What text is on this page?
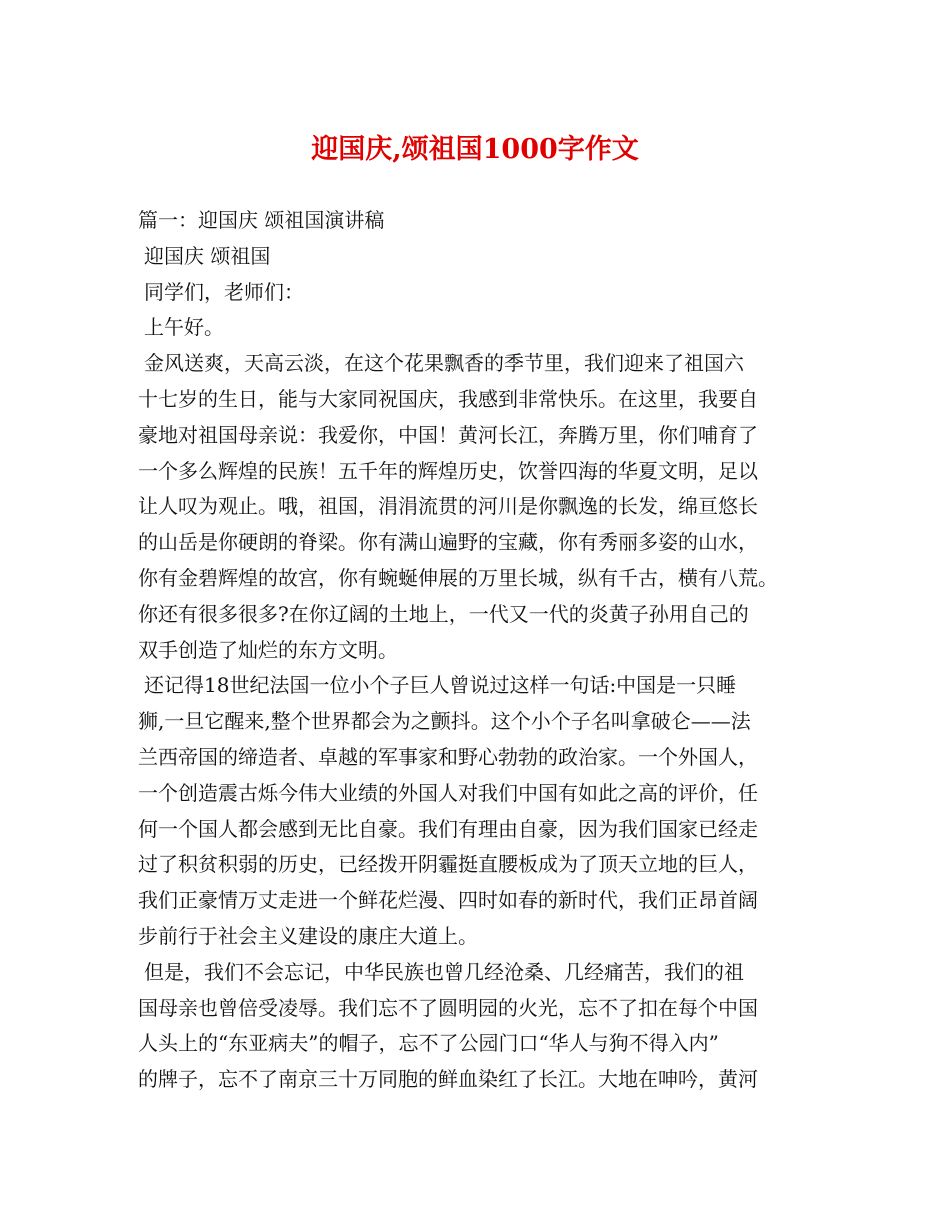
迎国庆,颂祖国1000字作文

篇一：迎国庆 颂祖国演讲稿

迎国庆 颂祖国

同学们，老师们：

上午好。

金风送爽，天高云淡，在这个花果飘香的季节里，我们迎来了祖国六

十七岁的生日，能与大家同祝国庆，我感到非常快乐。在这里，我要自

豪地对祖国母亲说：我爱你，中国！黄河长江，奔腾万里，你们哺育了

一个多么辉煌的民族！五千年的辉煌历史，饮誉四海的华夏文明，足以

让人叹为观止。哦，祖国，涓涓流贯的河川是你飘逸的长发，绵亘悠长

的山岳是你硬朗的脊梁。你有满山遍野的宝藏，你有秀丽多姿的山水，

你有金碧辉煌的故宫，你有蜿蜒伸展的万里长城，纵有千古，横有八荒。

你还有很多很多?在你辽阔的土地上，一代又一代的炎黄子孙用自己的

双手创造了灿烂的东方文明。

还记得18世纪法国一位小个子巨人曾说过这样一句话:中国是一只睡

狮,一旦它醒来,整个世界都会为之颤抖。这个小个子名叫拿破仑——法

兰西帝国的缔造者、卓越的军事家和野心勃勃的政治家。一个外国人，

一个创造震古烁今伟大业绩的外国人对我们中国有如此之高的评价，任

何一个国人都会感到无比自豪。我们有理由自豪，因为我们国家已经走

过了积贫积弱的历史，已经拨开阴霾挺直腰板成为了顶天立地的巨人，

我们正豪情万丈走进一个鲜花烂漫、四时如春的新时代，我们正昂首阔

步前行于社会主义建设的康庄大道上。

但是，我们不会忘记，中华民族也曾几经沧桑、几经痛苦，我们的祖

国母亲也曾倍受凌辱。我们忘不了圆明园的火光，忘不了扣在每个中国

人头上的“东亚病夫”的帽子，忘不了公园门口“华人与狗不得入内”

的牌子，忘不了南京三十万同胞的鲜血染红了长江。大地在呻吟，黄河
